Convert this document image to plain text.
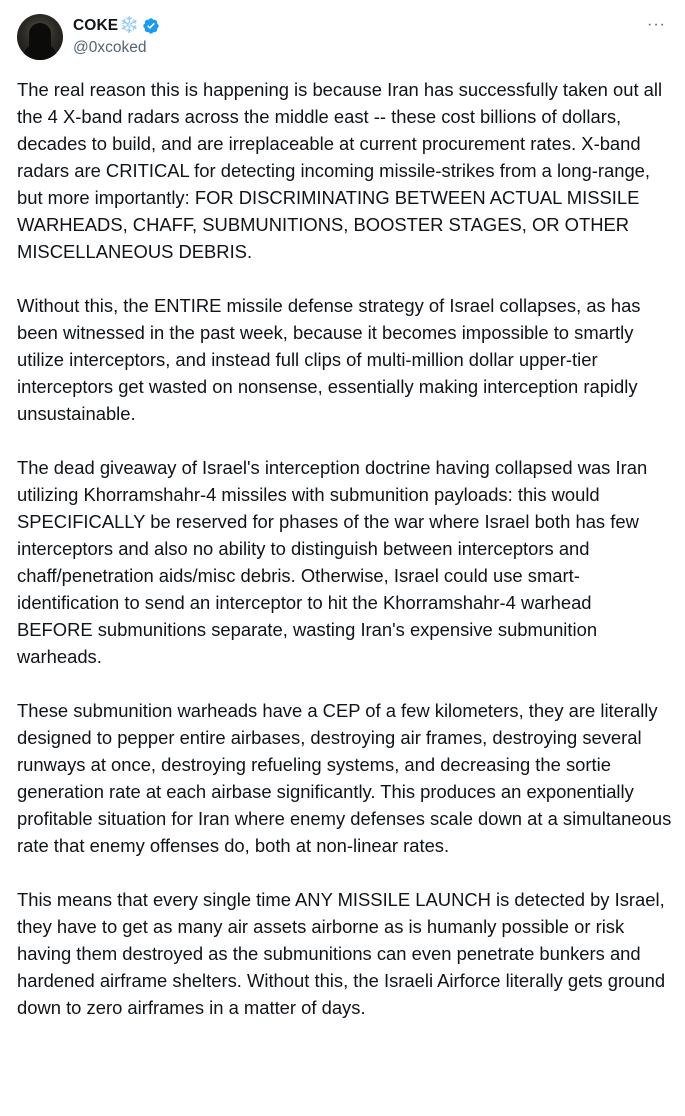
COKE ❄️
@0xcoked
···

The real reason this is happening is because Iran has successfully taken out all the 4 X-band radars across the middle east -- these cost billions of dollars, decades to build, and are irreplaceable at current procurement rates. X-band radars are CRITICAL for detecting incoming missile-strikes from a long-range, but more importantly: FOR DISCRIMINATING BETWEEN ACTUAL MISSILE WARHEADS, CHAFF, SUBMUNITIONS, BOOSTER STAGES, OR OTHER MISCELLANEOUS DEBRIS.

Without this, the ENTIRE missile defense strategy of Israel collapses, as has been witnessed in the past week, because it becomes impossible to smartly utilize interceptors, and instead full clips of multi-million dollar upper-tier interceptors get wasted on nonsense, essentially making interception rapidly unsustainable.

The dead giveaway of Israel's interception doctrine having collapsed was Iran utilizing Khorramshahr-4 missiles with submunition payloads: this would SPECIFICALLY be reserved for phases of the war where Israel both has few interceptors and also no ability to distinguish between interceptors and chaff/penetration aids/misc debris. Otherwise, Israel could use smart-identification to send an interceptor to hit the Khorramshahr-4 warhead BEFORE submunitions separate, wasting Iran's expensive submunition warheads.

These submunition warheads have a CEP of a few kilometers, they are literally designed to pepper entire airbases, destroying air frames, destroying several runways at once, destroying refueling systems, and decreasing the sortie generation rate at each airbase significantly. This produces an exponentially profitable situation for Iran where enemy defenses scale down at a simultaneous rate that enemy offenses do, both at non-linear rates.

This means that every single time ANY MISSILE LAUNCH is detected by Israel, they have to get as many air assets airborne as is humanly possible or risk having them destroyed as the submunitions can even penetrate bunkers and hardened airframe shelters. Without this, the Israeli Airforce literally gets ground down to zero airframes in a matter of days.
